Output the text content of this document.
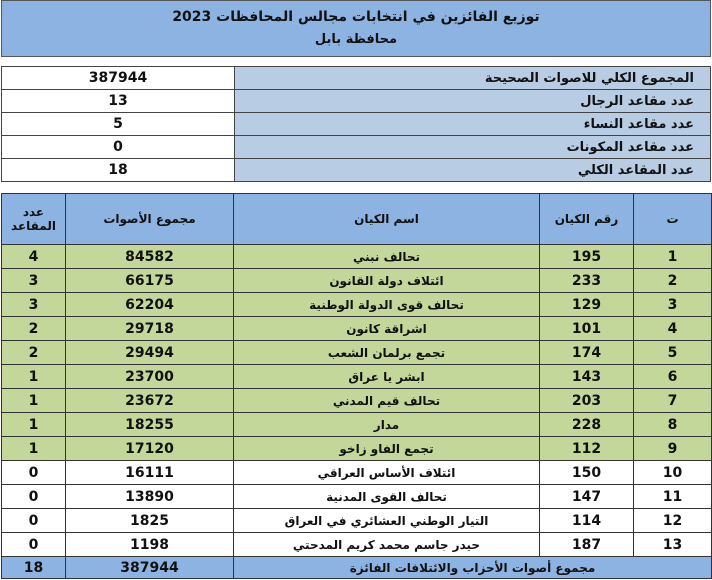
توزيع الفائزين في انتخابات مجالس المحافظات 2023
محافظة بابل
387944	المجموع الكلي للاصوات الصحيحة
13	عدد مقاعد الرجال
5	عدد مقاعد النساء
0	عدد مقاعد المكونات
18	عدد المقاعد الكلي
عدد المقاعد	مجموع الأصوات	اسم الكيان	رقم الكيان	ت
4	84582	تحالف نبني	195	1
3	66175	ائتلاف دولة القانون	233	2
3	62204	تحالف قوى الدولة الوطنية	129	3
2	29718	اشراقة كانون	101	4
2	29494	تجمع برلمان الشعب	174	5
1	23700	ابشر يا عراق	143	6
1	23672	تحالف قيم المدني	203	7
1	18255	مدار	228	8
1	17120	تجمع الفاو زاخو	112	9
0	16111	ائتلاف الأساس العراقي	150	10
0	13890	تحالف القوى المدنية	147	11
0	1825	التيار الوطني العشائري في العراق	114	12
0	1198	حيدر جاسم محمد كريم المدحتي	187	13
18	387944	مجموع أصوات الأحزاب والائتلافات الفائزة		
